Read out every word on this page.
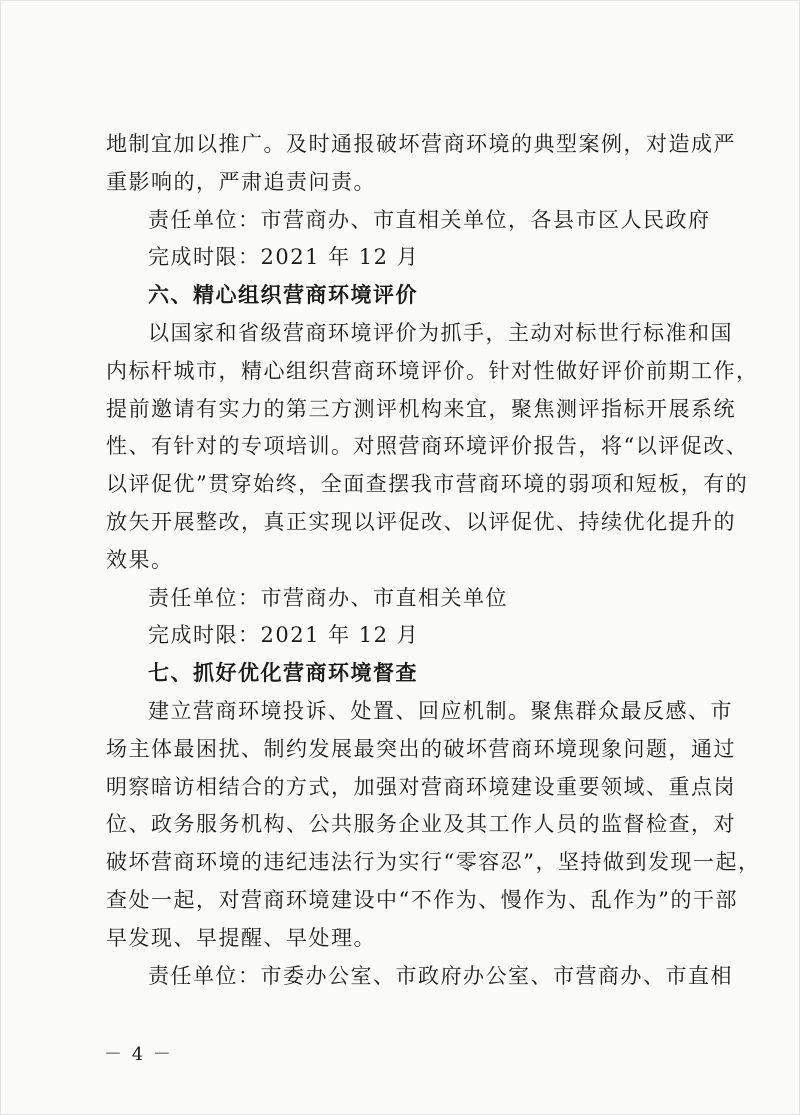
地制宜加以推广。及时通报破坏营商环境的典型案例，对造成严
重影响的，严肃追责问责。
责任单位：市营商办、市直相关单位，各县市区人民政府
完成时限：2021 年 12 月
六、精心组织营商环境评价
以国家和省级营商环境评价为抓手，主动对标世行标准和国
内标杆城市，精心组织营商环境评价。针对性做好评价前期工作，
提前邀请有实力的第三方测评机构来宜，聚焦测评指标开展系统
性、有针对的专项培训。对照营商环境评价报告，将“以评促改、
以评促优”贯穿始终，全面查摆我市营商环境的弱项和短板，有的
放矢开展整改，真正实现以评促改、以评促优、持续优化提升的
效果。
责任单位：市营商办、市直相关单位
完成时限：2021 年 12 月
七、抓好优化营商环境督查
建立营商环境投诉、处置、回应机制。聚焦群众最反感、市
场主体最困扰、制约发展最突出的破坏营商环境现象问题，通过
明察暗访相结合的方式，加强对营商环境建设重要领域、重点岗
位、政务服务机构、公共服务企业及其工作人员的监督检查，对
破坏营商环境的违纪违法行为实行“零容忍”，坚持做到发现一起，
查处一起，对营商环境建设中“不作为、慢作为、乱作为”的干部
早发现、早提醒、早处理。
责任单位：市委办公室、市政府办公室、市营商办、市直相
－ 4 －
